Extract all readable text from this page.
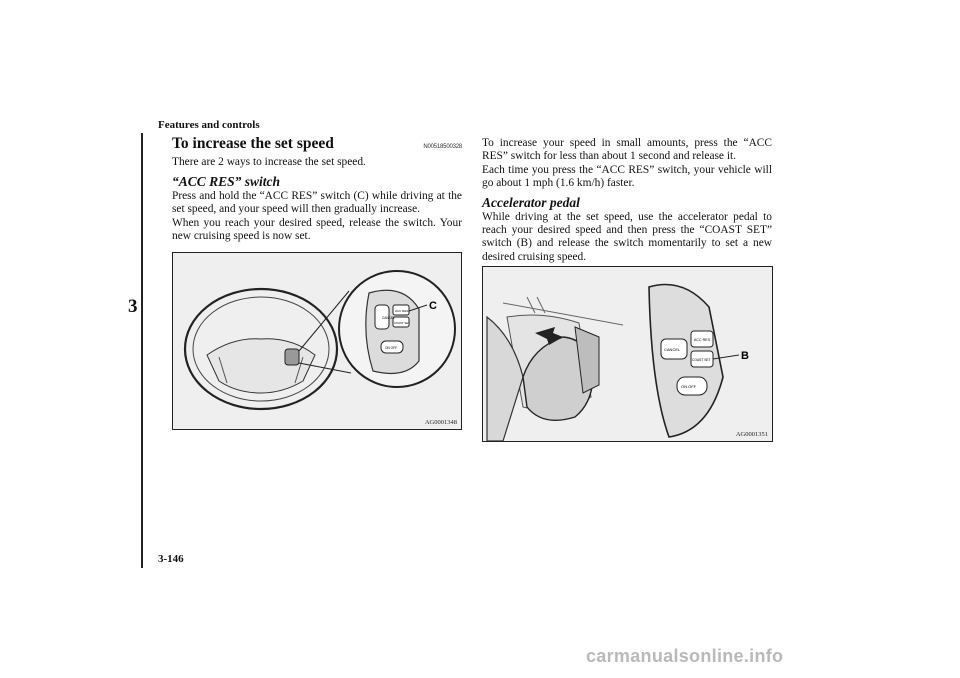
Features and controls
3
3-146
To increase the set speed	N00518500328

There are 2 ways to increase the set speed.

“ACC RES” switch

Press and hold the “ACC RES” switch (C) while driving at the set speed, and your speed will then gradually increase.

When you reach your desired speed, release the switch. Your new cruising speed is now set.

CANCEL
ACC RES
COAST SET
ON OFF
C
AG0001348

To increase your speed in small amounts, press the “ACC RES” switch for less than about 1 second and release it.

Each time you press the “ACC RES” switch, your vehicle will go about 1 mph (1.6 km/h) faster.

Accelerator pedal

While driving at the set speed, use the accelerator pedal to reach your desired speed and then press the “COAST SET” switch (B) and release the switch momentarily to set a new desired cruising speed.

CANCEL
ACC RES
COAST SET
ON OFF
B
AG0001351
carmanualsonline.info
